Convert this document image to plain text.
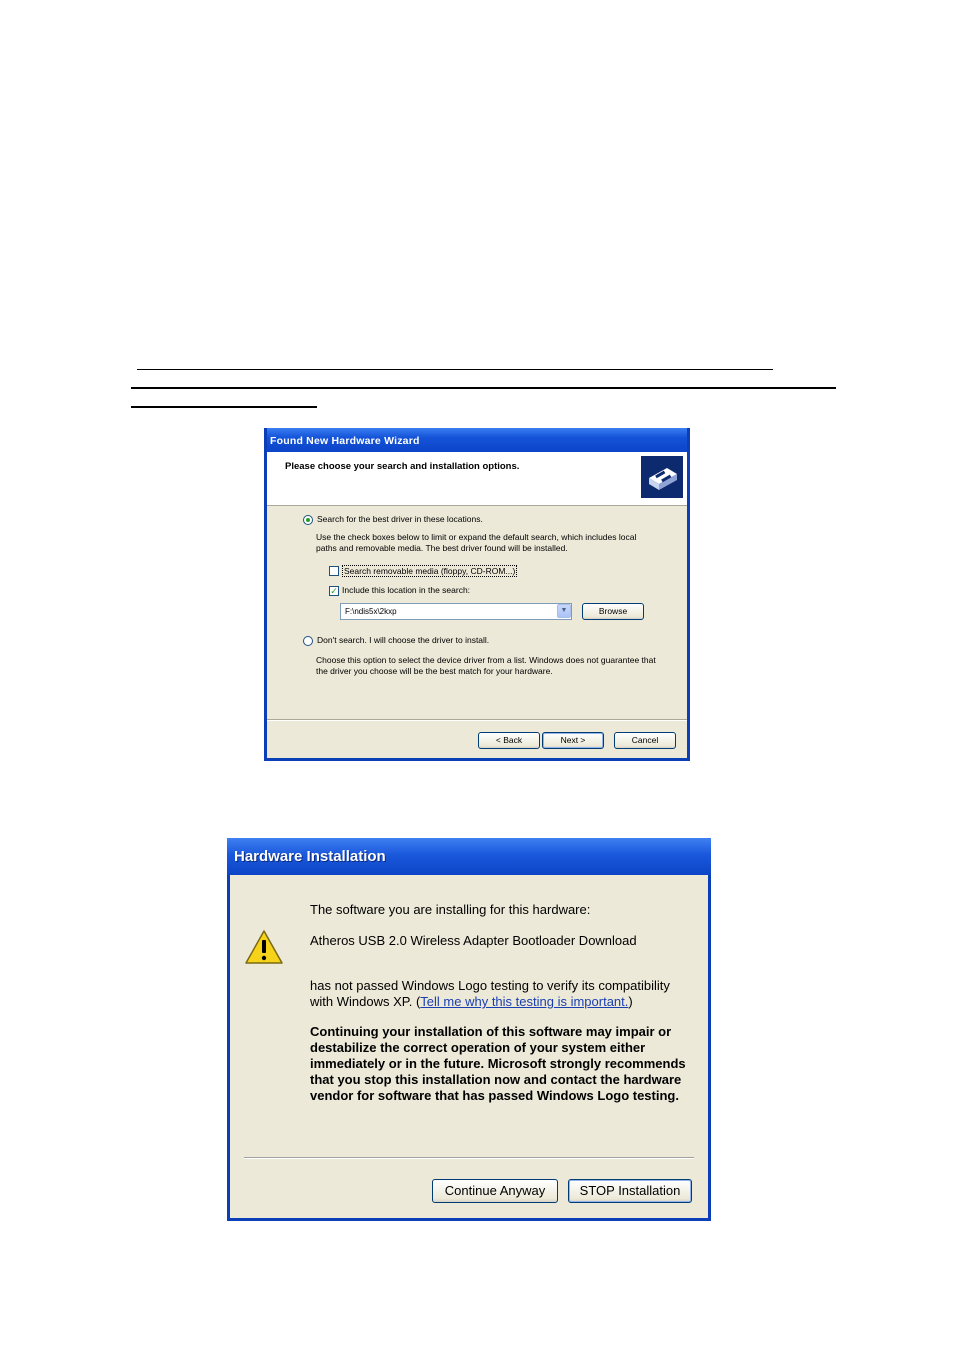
Found New Hardware Wizard
Please choose your search and installation options.
Search for the best driver in these locations.
Use the check boxes below to limit or expand the default search, which includes local
paths and removable media. The best driver found will be installed.
Search removable media (floppy, CD-ROM...)
✓ Include this location in the search:
F:\ndis5x\2kxp	▼	Browse
Don't search. I will choose the driver to install.
Choose this option to select the device driver from a list. Windows does not guarantee that
the driver you choose will be the best match for your hardware.
< Back	Next >	Cancel
Hardware Installation
The software you are installing for this hardware:
Atheros USB 2.0 Wireless Adapter Bootloader Download
has not passed Windows Logo testing to verify its compatibility
with Windows XP. (Tell me why this testing is important.)
Continuing your installation of this software may impair or destabilize the correct operation of your system either immediately or in the future. Microsoft strongly recommends that you stop this installation now and contact the hardware vendor for software that has passed Windows Logo testing.
Continue Anyway	STOP Installation
